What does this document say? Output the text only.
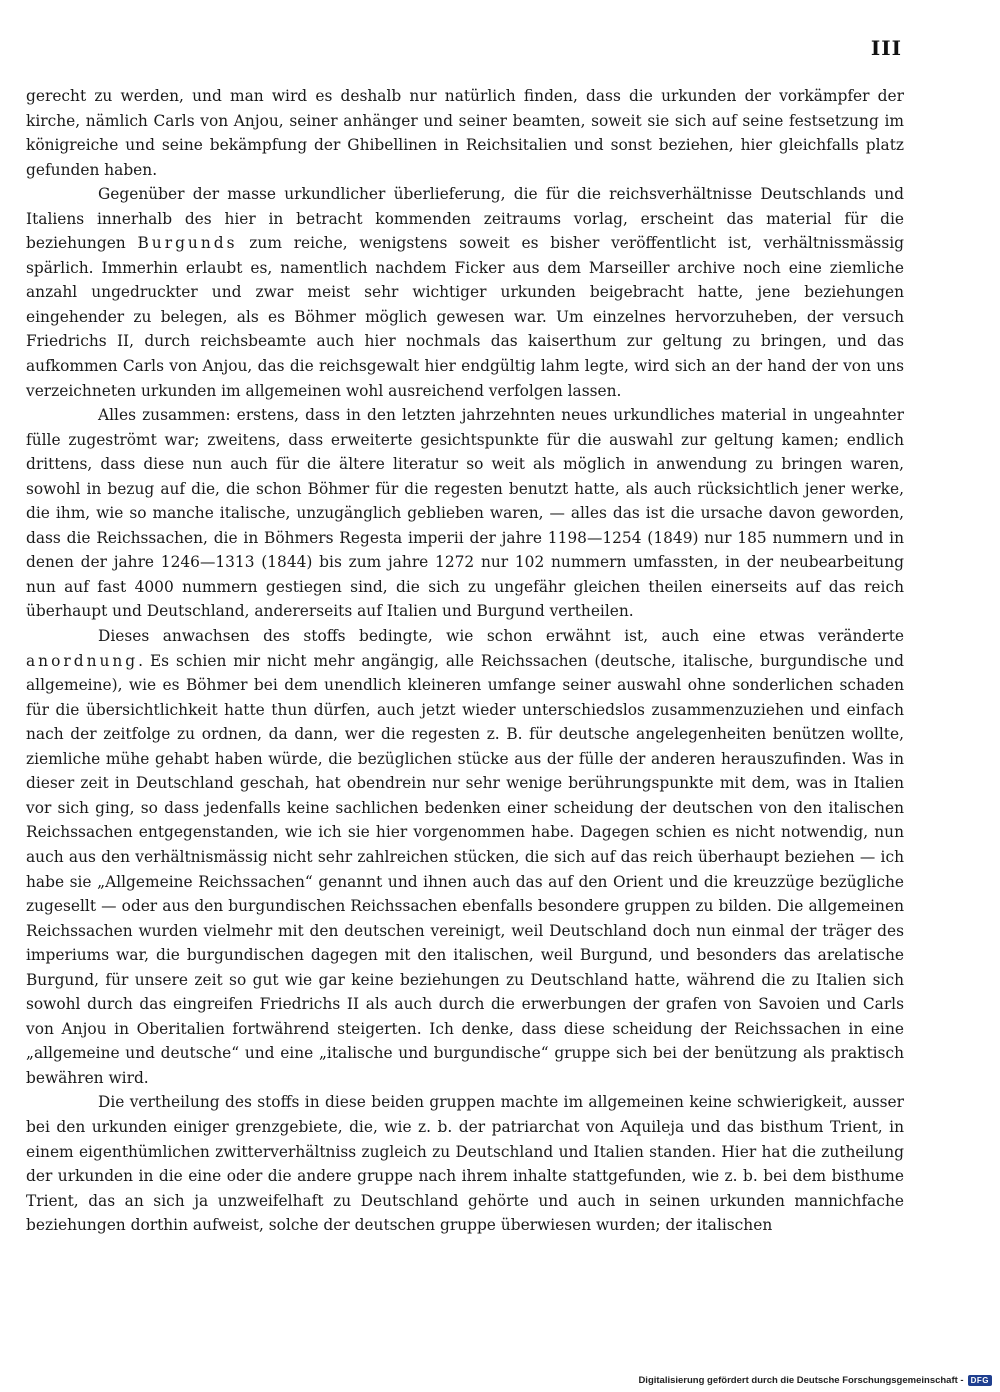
III

gerecht zu werden, und man wird es deshalb nur natürlich finden, dass die urkunden der vorkämpfer der kirche, nämlich Carls von Anjou, seiner anhänger und seiner beamten, soweit sie sich auf seine festsetzung im königreiche und seine bekämpfung der Ghibellinen in Reichsitalien und sonst beziehen, hier gleichfalls platz gefunden haben.

Gegenüber der masse urkundlicher überlieferung, die für die reichsverhältnisse Deutschlands und Italiens innerhalb des hier in betracht kommenden zeitraums vorlag, erscheint das material für die beziehungen Burgunds zum reiche, wenigstens soweit es bisher veröffentlicht ist, verhältnissmässig spärlich. Immerhin erlaubt es, namentlich nachdem Ficker aus dem Marseiller archive noch eine ziemliche anzahl ungedruckter und zwar meist sehr wichtiger urkunden beigebracht hatte, jene beziehungen eingehender zu belegen, als es Böhmer möglich gewesen war. Um einzelnes hervorzuheben, der versuch Friedrichs II, durch reichsbeamte auch hier nochmals das kaiserthum zur geltung zu bringen, und das aufkommen Carls von Anjou, das die reichsgewalt hier endgültig lahm legte, wird sich an der hand der von uns verzeichneten urkunden im allgemeinen wohl ausreichend verfolgen lassen.

Alles zusammen: erstens, dass in den letzten jahrzehnten neues urkundliches material in ungeahnter fülle zugeströmt war; zweitens, dass erweiterte gesichtspunkte für die auswahl zur geltung kamen; endlich drittens, dass diese nun auch für die ältere literatur so weit als möglich in anwendung zu bringen waren, sowohl in bezug auf die, die schon Böhmer für die regesten benutzt hatte, als auch rücksichtlich jener werke, die ihm, wie so manche italische, unzugänglich geblieben waren, — alles das ist die ursache davon geworden, dass die Reichssachen, die in Böhmers Regesta imperii der jahre 1198—1254 (1849) nur 185 nummern und in denen der jahre 1246—1313 (1844) bis zum jahre 1272 nur 102 nummern umfassten, in der neubearbeitung nun auf fast 4000 nummern gestiegen sind, die sich zu ungefähr gleichen theilen einerseits auf das reich überhaupt und Deutschland, andererseits auf Italien und Burgund vertheilen.

Dieses anwachsen des stoffs bedingte, wie schon erwähnt ist, auch eine etwas veränderte anordnung. Es schien mir nicht mehr angängig, alle Reichssachen (deutsche, italische, burgundische und allgemeine), wie es Böhmer bei dem unendlich kleineren umfange seiner auswahl ohne sonderlichen schaden für die übersichtlichkeit hatte thun dürfen, auch jetzt wieder unterschiedslos zusammenzuziehen und einfach nach der zeitfolge zu ordnen, da dann, wer die regesten z. B. für deutsche angelegenheiten benützen wollte, ziemliche mühe gehabt haben würde, die bezüglichen stücke aus der fülle der anderen herauszufinden. Was in dieser zeit in Deutschland geschah, hat obendrein nur sehr wenige berührungspunkte mit dem, was in Italien vor sich ging, so dass jedenfalls keine sachlichen bedenken einer scheidung der deutschen von den italischen Reichssachen entgegenstanden, wie ich sie hier vorgenommen habe. Dagegen schien es nicht notwendig, nun auch aus den verhältnismässig nicht sehr zahlreichen stücken, die sich auf das reich überhaupt beziehen — ich habe sie „Allgemeine Reichssachen“ genannt und ihnen auch das auf den Orient und die kreuzzüge bezügliche zugesellt — oder aus den burgundischen Reichssachen ebenfalls besondere gruppen zu bilden. Die allgemeinen Reichssachen wurden vielmehr mit den deutschen vereinigt, weil Deutschland doch nun einmal der träger des imperiums war, die burgundischen dagegen mit den italischen, weil Burgund, und besonders das arelatische Burgund, für unsere zeit so gut wie gar keine beziehungen zu Deutschland hatte, während die zu Italien sich sowohl durch das eingreifen Friedrichs II als auch durch die erwerbungen der grafen von Savoien und Carls von Anjou in Oberitalien fortwährend steigerten. Ich denke, dass diese scheidung der Reichssachen in eine „allgemeine und deutsche“ und eine „italische und burgundische“ gruppe sich bei der benützung als praktisch bewähren wird.

Die vertheilung des stoffs in diese beiden gruppen machte im allgemeinen keine schwierigkeit, ausser bei den urkunden einiger grenzgebiete, die, wie z. b. der patriarchat von Aquileja und das bisthum Trient, in einem eigenthümlichen zwitterverhältniss zugleich zu Deutschland und Italien standen. Hier hat die zutheilung der urkunden in die eine oder die andere gruppe nach ihrem inhalte stattgefunden, wie z. b. bei dem bisthume Trient, das an sich ja unzweifelhaft zu Deutschland gehörte und auch in seinen urkunden mannichfache beziehungen dorthin aufweist, solche der deutschen gruppe überwiesen wurden; der italischen

Digitalisierung gefördert durch die Deutsche Forschungsgemeinschaft - DFG
